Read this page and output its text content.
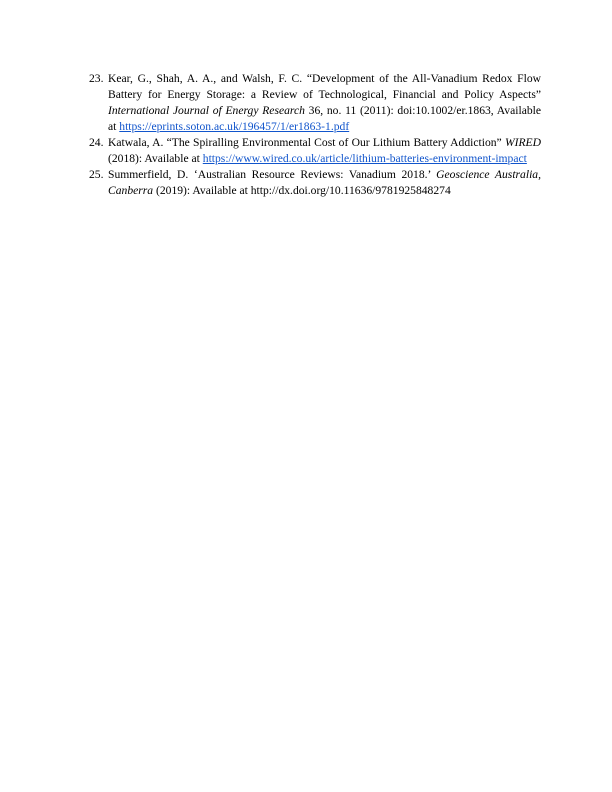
23. Kear, G., Shah, A. A., and Walsh, F. C. “Development of the All-Vanadium Redox Flow Battery for Energy Storage: a Review of Technological, Financial and Policy Aspects” International Journal of Energy Research 36, no. 11 (2011): doi:10.1002/er.1863, Available at https://eprints.soton.ac.uk/196457/1/er1863-1.pdf
24. Katwala, A. “The Spiralling Environmental Cost of Our Lithium Battery Addiction” WIRED (2018): Available at https://www.wired.co.uk/article/lithium-batteries-environment-impact
25. Summerfield, D. ‘Australian Resource Reviews: Vanadium 2018.’ Geoscience Australia, Canberra (2019): Available at http://dx.doi.org/10.11636/9781925848274
